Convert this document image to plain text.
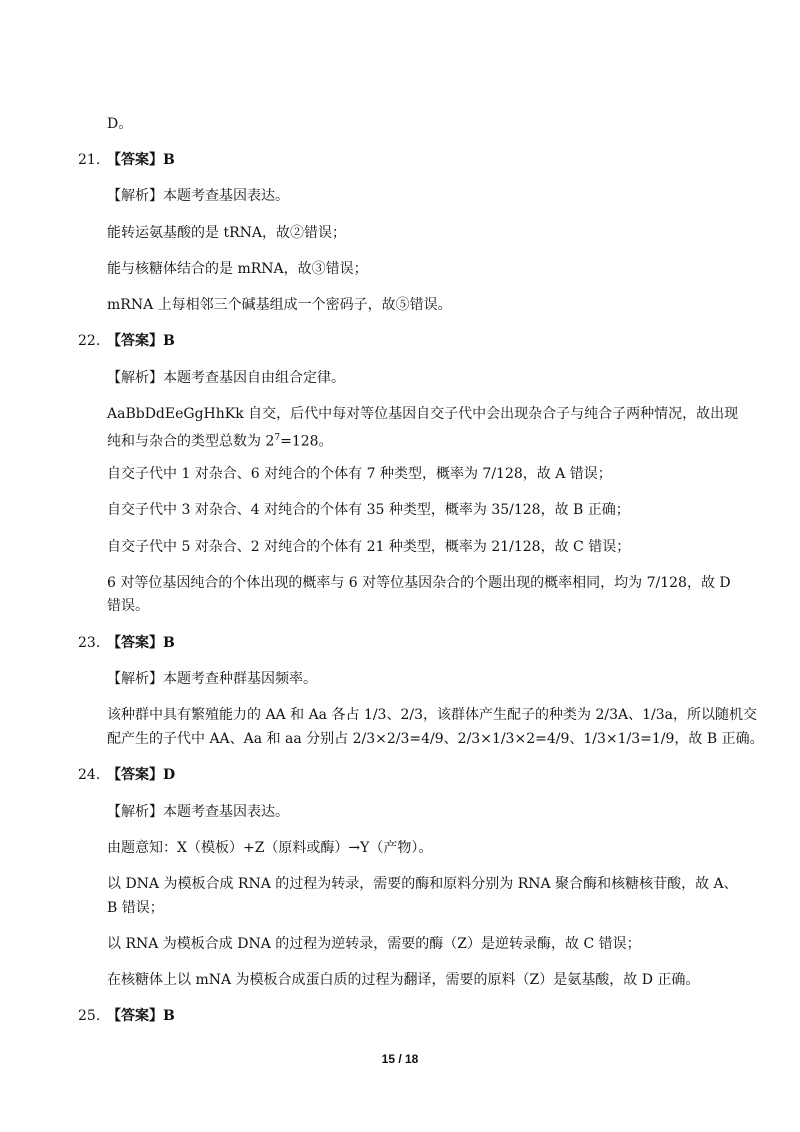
D。
21. 【答案】B
【解析】本题考查基因表达。
能转运氨基酸的是 tRNA，故②错误；
能与核糖体结合的是 mRNA，故③错误；
mRNA 上每相邻三个碱基组成一个密码子，故⑤错误。
22. 【答案】B
【解析】本题考查基因自由组合定律。
AaBbDdEeGgHhKk 自交，后代中每对等位基因自交子代中会出现杂合子与纯合子两种情况，故出现
纯和与杂合的类型总数为 $2^7=128$。
自交子代中 1 对杂合、6 对纯合的个体有 7 种类型，概率为 7/128，故 A 错误；
自交子代中 3 对杂合、4 对纯合的个体有 35 种类型，概率为 35/128，故 B 正确；
自交子代中 5 对杂合、2 对纯合的个体有 21 种类型，概率为 21/128，故 C 错误；
6 对等位基因纯合的个体出现的概率与 6 对等位基因杂合的个题出现的概率相同，均为 7/128，故 D
错误。
23. 【答案】B
【解析】本题考查种群基因频率。
该种群中具有繁殖能力的 AA 和 Aa 各占 1/3、2/3，该群体产生配子的种类为 2/3A、1/3a，所以随机交
配产生的子代中 AA、Aa 和 aa 分别占 2/3×2/3=4/9、2/3×1/3×2=4/9、1/3×1/3=1/9，故 B 正确。
24. 【答案】D
【解析】本题考查基因表达。
由题意知：X（模板）+Z（原料或酶）→Y（产物）。
以 DNA 为模板合成 RNA 的过程为转录，需要的酶和原料分别为 RNA 聚合酶和核糖核苷酸，故 A、
B 错误；
以 RNA 为模板合成 DNA 的过程为逆转录，需要的酶（Z）是逆转录酶，故 C 错误；
在核糖体上以 mNA 为模板合成蛋白质的过程为翻译，需要的原料（Z）是氨基酸，故 D 正确。
25. 【答案】B
15 / 18
